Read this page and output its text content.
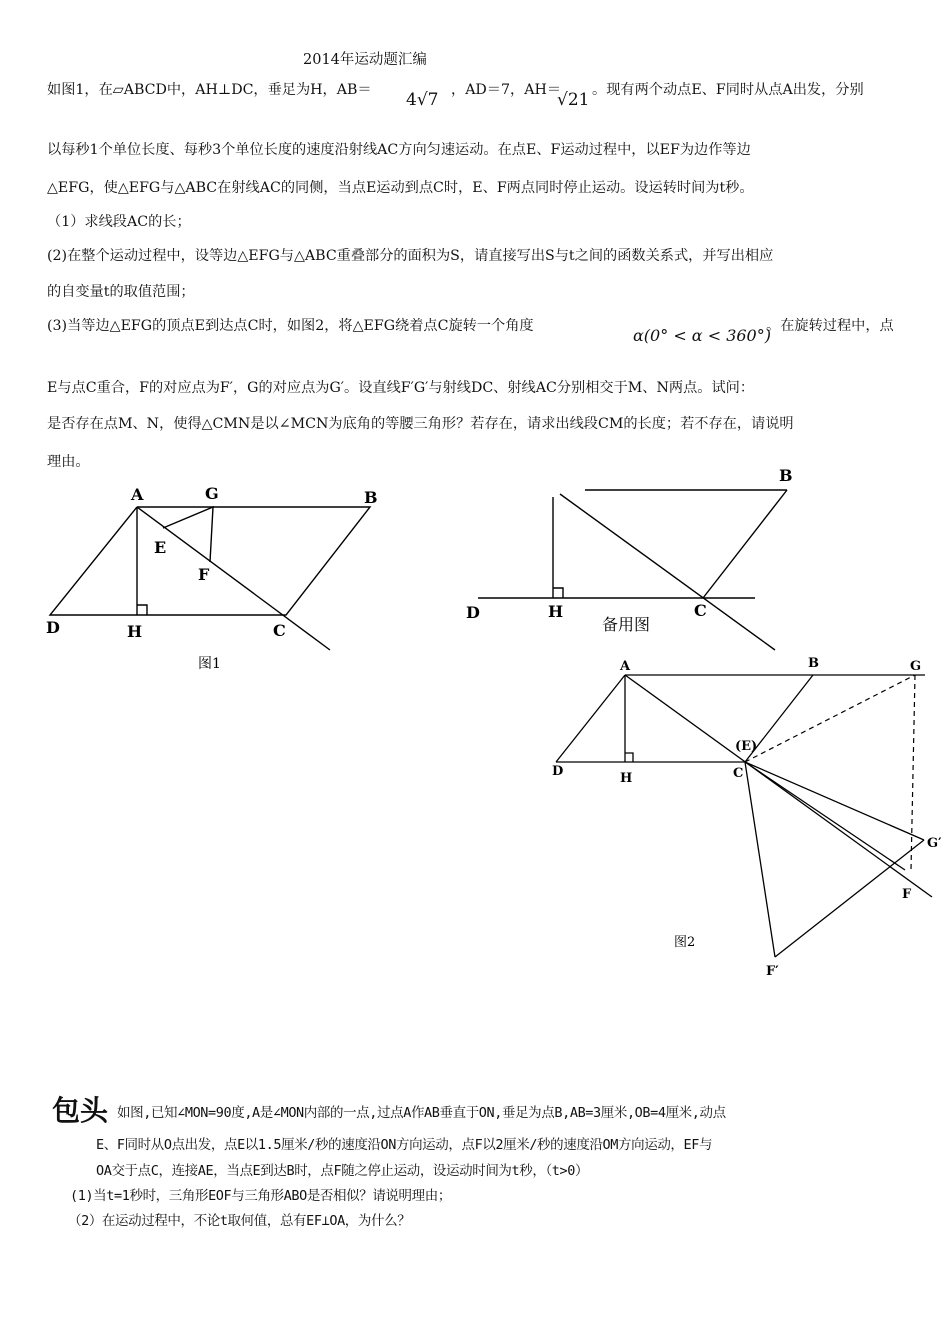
2014年运动题汇编
如图1，在▱ABCD中，AH⊥DC，垂足为H，AB＝ 4√7 ，AD＝7，AH＝
√21 。现有两个动点E、F同时从点A出发，分别
以每秒1个单位长度、每秒3个单位长度的速度沿射线AC方向匀速运动。在点E、F运动过程中，以EF为边作等边
△EFG，使△EFG与△ABC在射线AC的同侧，当点E运动到点C时，E、F两点同时停止运动。设运转时间为t秒。
（1）求线段AC的长；
(2)在整个运动过程中，设等边△EFG与△ABC重叠部分的面积为S，请直接写出S与t之间的函数关系式，并写出相应
的自变量t的取值范围；
(3)当等边△EFG的顶点E到达点C时，如图2，将△EFG绕着点C旋转一个角度	α(0° < α < 360°)
。在旋转过程中，点
E与点C重合，F的对应点为F′，G的对应点为G′。设直线F′G′与射线DC、射线AC分别相交于M、N两点。试问：
是否存在点M、N，使得△CMN是以∠MCN为底角的等腰三角形？若存在，请求出线段CM的长度；若不存在，请说明
理由。
A	G	B
E
F
D	H	C
图1
B
D	H	C
备用图
A	B	G
(E)
D	H	C
G′
F
F′
图2
包头 如图,已知∠MON=90度,A是∠MON内部的一点,过点A作AB垂直于ON,垂足为点B,AB=3厘米,OB=4厘米,动点
E、F同时从O点出发，点E以1.5厘米/秒的速度沿ON方向运动，点F以2厘米/秒的速度沿OM方向运动，EF与
OA交于点C，连接AE，当点E到达B时，点F随之停止运动，设运动时间为t秒，（t>0）
(1)当t=1秒时，三角形EOF与三角形ABO是否相似？请说明理由；
（2）在运动过程中，不论t取何值，总有EF⊥OA，为什么？
